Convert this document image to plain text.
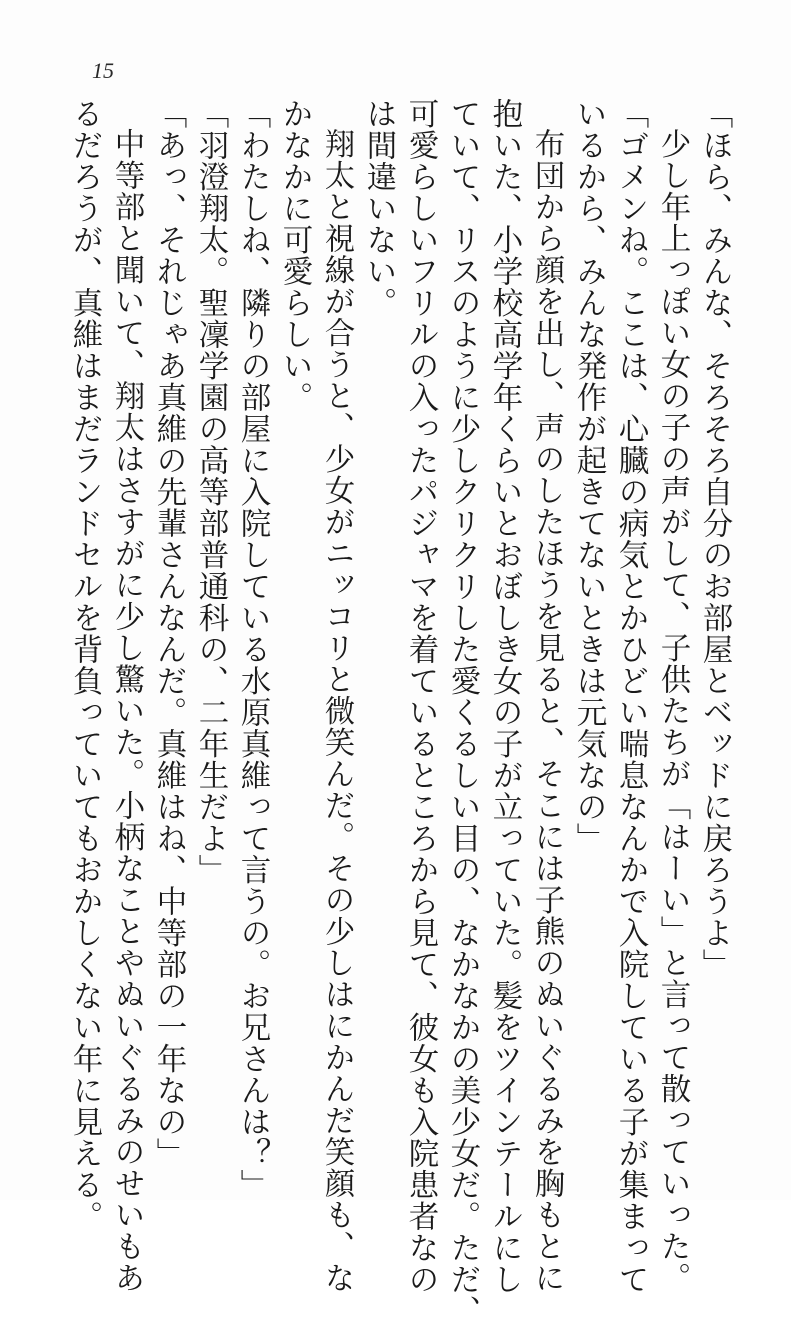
15
「ほら、みんな、そろそろ自分のお部屋とベッドに戻ろうよ」
少し年上っぽい女の子の声がして、子供たちが「はーい」と言って散っていった。
「ゴメンね。ここは、心臓の病気とかひどい喘息なんかで入院している子が集まって
いるから、みんな発作が起きてないときは元気なの」
布団から顔を出し、声のしたほうを見ると、そこには子熊のぬいぐるみを胸もとに
抱いた、小学校高学年くらいとおぼしき女の子が立っていた。髪をツインテールにし
ていて、リスのように少しクリクリした愛くるしい目の、なかなかの美少女だ。ただ、
可愛らしいフリルの入ったパジャマを着ているところから見て、彼女も入院患者なの
は間違いない。
翔太と視線が合うと、少女がニッコリと微笑んだ。その少しはにかんだ笑顔も、な
かなかに可愛らしい。
「わたしね、隣りの部屋に入院している水原真維って言うの。お兄さんは？」
「羽澄翔太。聖凜学園の高等部普通科の、二年生だよ」
「あっ、それじゃあ真維の先輩さんなんだ。真維はね、中等部の一年なの」
中等部と聞いて、翔太はさすがに少し驚いた。小柄なことやぬいぐるみのせいもあ
るだろうが、真維はまだランドセルを背負っていてもおかしくない年に見える。
